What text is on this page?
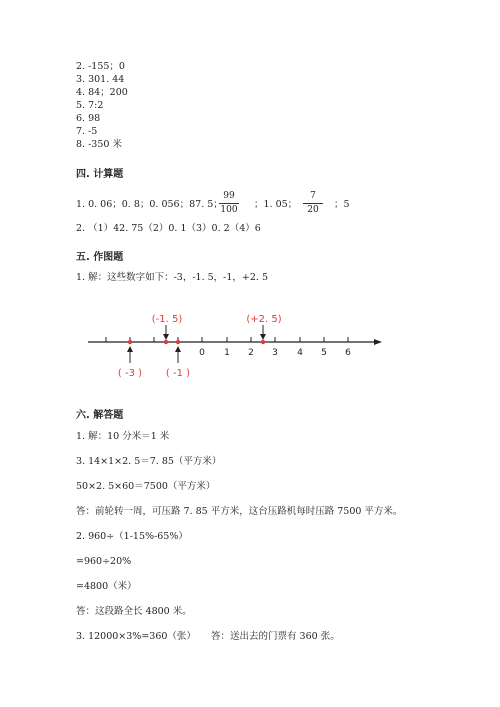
2. -155；0
3. 301. 44
4. 84；200
5. 7:2
6. 98
7. -5
8. -350 米
四. 计算题
1. 0. 06；0. 8；0. 056；87. 5；
99
100 ；1. 05；
7
20	；5
2. （1）42. 75（2）0. 1（3）0. 2（4）6
五. 作图题
1. 解：这些数字如下：-3，-1. 5，-1，+2. 5
0 1 2 3 4 5 6
(-1. 5)	(+2. 5)
( -3 ) ( -1 )
六. 解答题
1. 解：10 分米＝1 米
3. 14×1×2. 5＝7. 85（平方米）
50×2. 5×60＝7500（平方米）
答：前轮转一周，可压路 7. 85 平方米，这台压路机每时压路 7500 平方米。
2. 960÷（1-15%-65%）
=960÷20%
=4800（米）
答：这段路全长 4800 米。
3. 12000×3%=360（张）     答：送出去的门票有 360 张。
